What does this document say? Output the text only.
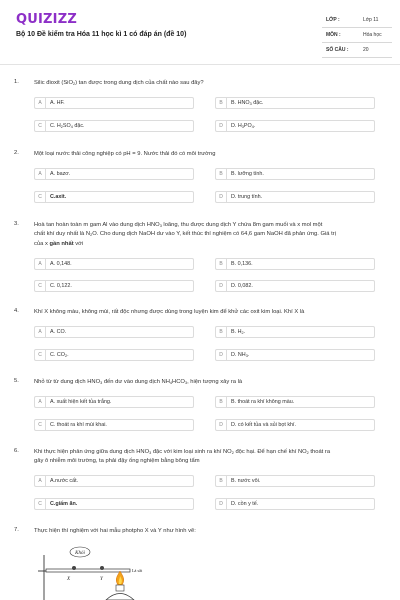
QUIZIZZ
Bộ 10 Đề kiểm tra Hóa 11 học kì 1 có đáp án (đề 10)
LỚP :	Lớp 11
MÔN :	Hóa học
SỐ CÂU :	20
1.	Silic đioxit (SiO$_2$) tan được trong dung dịch của chất nào sau đây?
A	A. HF.	B	B. $HNO_3$ đặc.
C	C. $H_2SO_4$ đặc.	D	D. $H_3PO_4$.
2.	Một loại nước thải công nghiệp có pH = 9. Nước thải đó có môi trường
A	A. bazơ.	B	B. lưỡng tính.
C	C.axit.	D	D. trung tính.
3.	Hoà tan hoàn toàn m gam Al vào dung dịch $HNO_3$ loãng, thu được dung dịch Y chứa 8m gam muối và x mol một
chất khí duy nhất là $N_2O$. Cho dung dịch NaOH dư vào Y, kết thúc thí nghiệm có 64,6 gam NaOH đã phản ứng. Giá trị
của x gần nhất với
A	A. 0,148.	B	B. 0,136.
C	C. 0,122.	D	D. 0,082.
4.	Khí X không màu, không mùi, rất độc nhưng được dùng trong luyện kim để khử các oxit kim loại. Khí X là
A	A. CO.	B	B. $H_2$.
C	C. $CO_2$.	D	D. $NH_3$.
5.	Nhỏ từ từ dung dịch $HNO_3$ đến dư vào dung dịch $NH_4HCO_3$, hiện tượng xảy ra là
A	A. xuất hiện kết tủa trắng.	B	B. thoát ra khí không màu.
C	C. thoát ra khí mùi khai.	D	D. có kết tủa và sủi bọt khí.
6.	Khi thực hiện phản ứng giữa dung dịch $HNO_3$ đặc với kim loại sinh ra khí $NO_2$ độc hại. Để hạn chế khí $NO_2$ thoát ra
gây ô nhiễm môi trường, ta phải đậy ống nghiệm bằng bông tẩm
A	A.nước cất.	B	B. nước vôi.
C	C.giấm ăn.	D	D. cồn y tế.
7.	Thực hiện thí nghiệm với hai mẫu photpho X và Y như hình vẽ:
Khói
Lá sắt
X	Y
